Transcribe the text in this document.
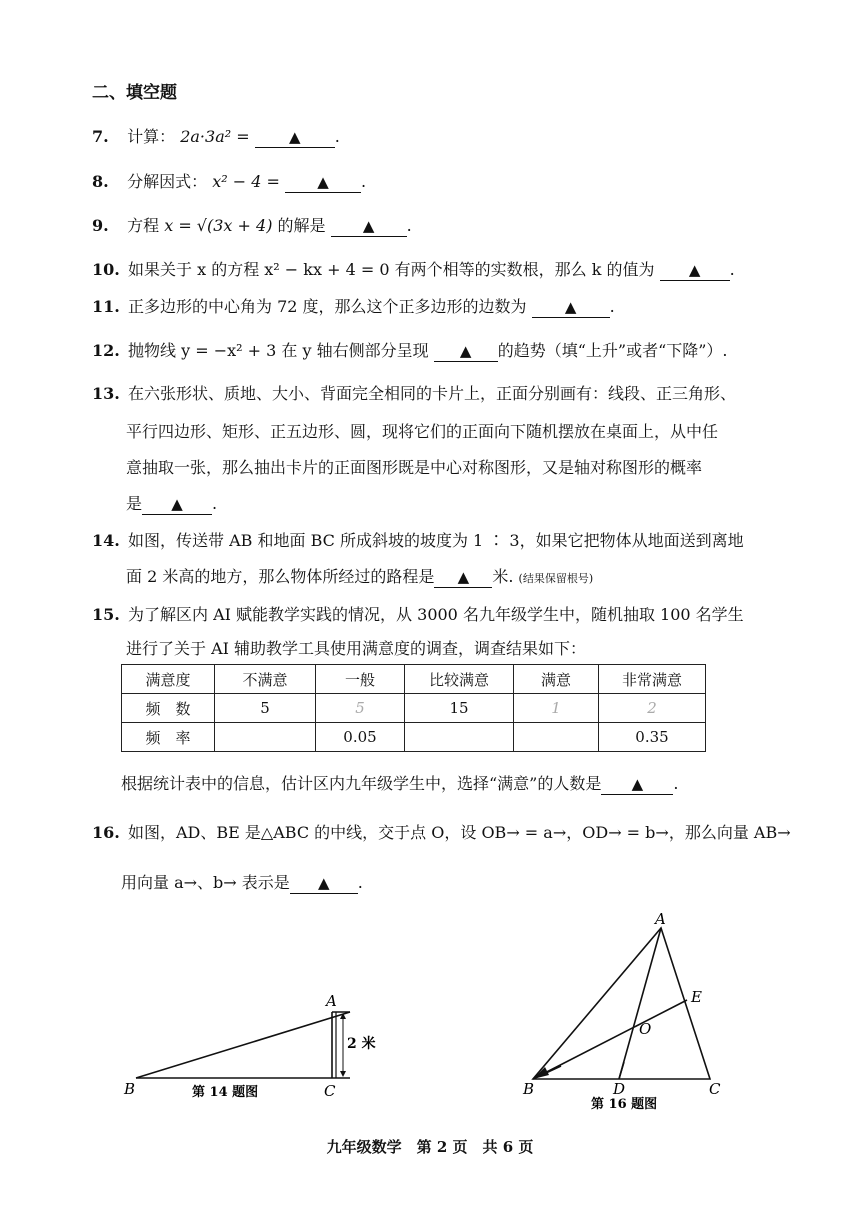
二、填空题
7. 计算： 2a·3a² =	▲ .
8. 分解因式： x² − 4 = ▲ .
9. 方程 x = √(3x + 4) 的解是 ▲ .
10. 如果关于 x 的方程 x² − kx + 4 = 0 有两个相等的实数根，那么 k 的值为 ▲ .
11. 正多边形的中心角为 72 度，那么这个正多边形的边数为	▲ .
12. 抛物线 y = −x² + 3 在 y 轴右侧部分呈现 ▲ 的趋势（填“上升”或者“下降”）.
13. 在六张形状、质地、大小、背面完全相同的卡片上，正面分别画有：线段、正三角形、
平行四边形、矩形、正五边形、圆，现将它们的正面向下随机摆放在桌面上，从中任
意抽取一张，那么抽出卡片的正面图形既是中心对称图形，又是轴对称图形的概率
是 ▲ .
14. 如图，传送带 AB 和地面 BC 所成斜坡的坡度为 1 ∶ 3，如果它把物体从地面送到离地
面 2 米高的地方，那么物体所经过的路程是 ▲ 米. (结果保留根号)
15. 为了解区内 AI 赋能教学实践的情况，从 3000 名九年级学生中，随机抽取 100 名学生
进行了关于 AI 辅助教学工具使用满意度的调查，调查结果如下：
满意度	不满意	一般	比较满意	满意	非常满意
频　数	5	5	15	1	2
频　率		0.05			0.35
根据统计表中的信息，估计区内九年级学生中，选择“满意”的人数是 ▲ .
16. 如图，AD、BE 是△ABC 的中线，交于点 O，设 OB→ = a→，OD→ = b→，那么向量 AB→
用向量 a→、b→ 表示是 ▲ .
B	C
A
2 米
第 14 题图
A
E
O
B	D	C
第 16 题图
九年级数学　第 2 页　共 6 页
